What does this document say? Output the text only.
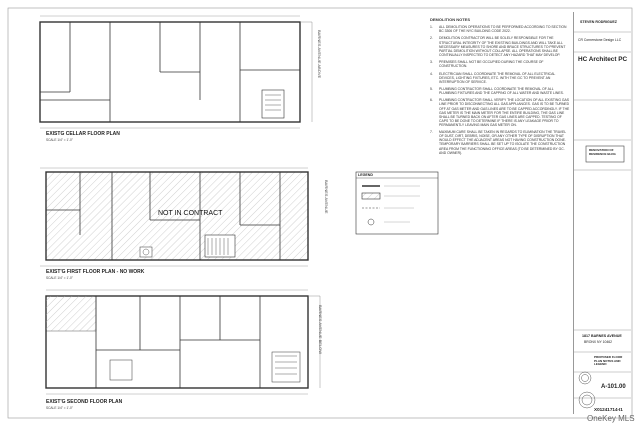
EXISTG CELLAR FLOOR PLAN
SCALE 1/4" = 1'-0"
BARNES AVENUE ABOVE
EXIST'G FIRST FLOOR PLAN - NO WORK
SCALE 1/4" = 1'-0"
NOT IN CONTRACT	BARNES AVENUE
LEGEND
EXIST'G SECOND FLOOR PLAN
SCALE 1/4" = 1'-0"
BARNES AVENUE BELOW
DEMOLITION NOTES
1.	ALL DEMOLITION OPERATIONS TO BE PERFORMED ACCORDING TO SECTION BC 3306 OF THE NYC BUILDING CODE 2022.
2.	DEMOLITION CONTRACTOR WILL BE SOLELY RESPONSIBLE FOR THE STRUCTURAL INTEGRITY OF THE EXISTING BUILDINGS AND WILL TAKE ALL NECESSARY MEASURES TO SHORE AND BRACE STRUCTURES TO PREVENT PARTIAL DEMOLITION WITHOUT COLLAPSE. ALL OPERATIONS SHALL BE CONTINUALLY INSPECTED TO DETECT ANY HAZARD THAT MAY DEVELOP.
3.	PREMISES SHALL NOT BE OCCUPIED DURING THE COURSE OF CONSTRUCTION.
4.	ELECTRICIAN SHALL COORDINATE THE REMOVAL OF ALL ELECTRICAL DEVICES, LIGHTING FIXTURES, ETC. WITH THE GC TO PREVENT AN INTERRUPTION OF SERVICE.
5.	PLUMBING CONTRACTOR SHALL COORDINATE THE REMOVAL OF ALL PLUMBING FIXTURES AND THE CAPPING OF ALL WATER AND WASTE LINES.
6.	PLUMBING CONTRACTOR SHALL VERIFY THE LOCATION OF ALL EXISTING GAS LINE PRIOR TO DISCONNECTING ALL GAS APPLIANCES. GAS IS TO BE TURNED OFF AT GAS METER AND GAS LINES ARE TO BE CAPPED ACCORDINGLY. IF THE GAS METER IS THE MAIN METER FOR THE ENTIRE BUILDING, THE GAS LINE SHALL BE TURNED BACK ON AFTER GAS LINES ARE CAPPED. TESTING OF CAPS TO BE DONE TO DETERMINE IF THERE IS ANY LEAKAGE PRIOR TO PERMANENTLY LEAVING MAIN GAS METER ON.
7.	MAXIMUM CARE SHALL BE TAKEN IN REGARDS TO ELIMINATION THE TRAVEL OF DUST, DIRT, DEBRIS, NOISE, OR ANY OTHER TYPE OF DISRUPTION THAT WOULD EFFECT THE ADJACENT AREAS NOT HAVING CONSTRUCTION DONE. TEMPORARY BARRIERS SHALL BE SET UP TO ISOLATE THE CONSTRUCTION AREA FROM THE FUNCTIONING OFFICE AREAS (TO BE DETERMINED BY GC. AND OWNER).
STEVEN RODRIGUEZ
CR Cornerstone Design LLC
HC Architect PC
RENOVATION OF RESIDENCE BLDG
1817 BARNES AVENUE
BRONX NY 10462
PROPOSED FLOOR PLAN NOTES AND LEGEND
A-101.00
X01241714-I1
OneKey MLS
